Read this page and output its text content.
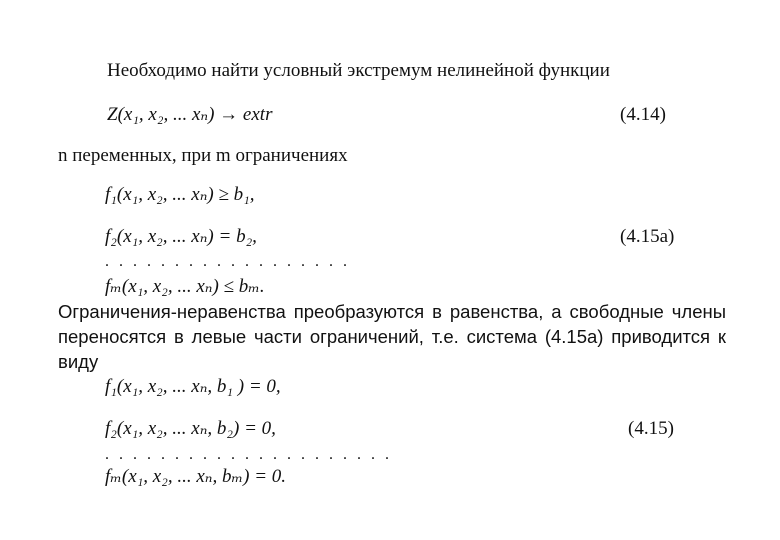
Необходимо найти условный экстремум нелинейной функции
Z(x₁, x₂, ... xₙ) → extr	(4.14)
n переменных, при m ограничениях
f₁(x₁, x₂, ... xₙ) ≥ b₁,
f₂(x₁, x₂, ... xₙ) = b₂,	(4.15a)
. . . . . . . . . . . . . . . . . .
fₘ(x₁, x₂, ... xₙ) ≤ bₘ.
Ограничения-неравенства преобразуются в равенства, а свободные члены переносятся в левые части ограничений, т.е. система (4.15а) приводится к виду
f₁(x₁, x₂, ... xₙ, b₁ ) = 0,
f₂(x₁, x₂, ... xₙ, b₂) = 0,	(4.15)
. . . . . . . . . . . . . . . . . . . . .
fₘ(x₁, x₂, ... xₙ, bₘ) = 0.
